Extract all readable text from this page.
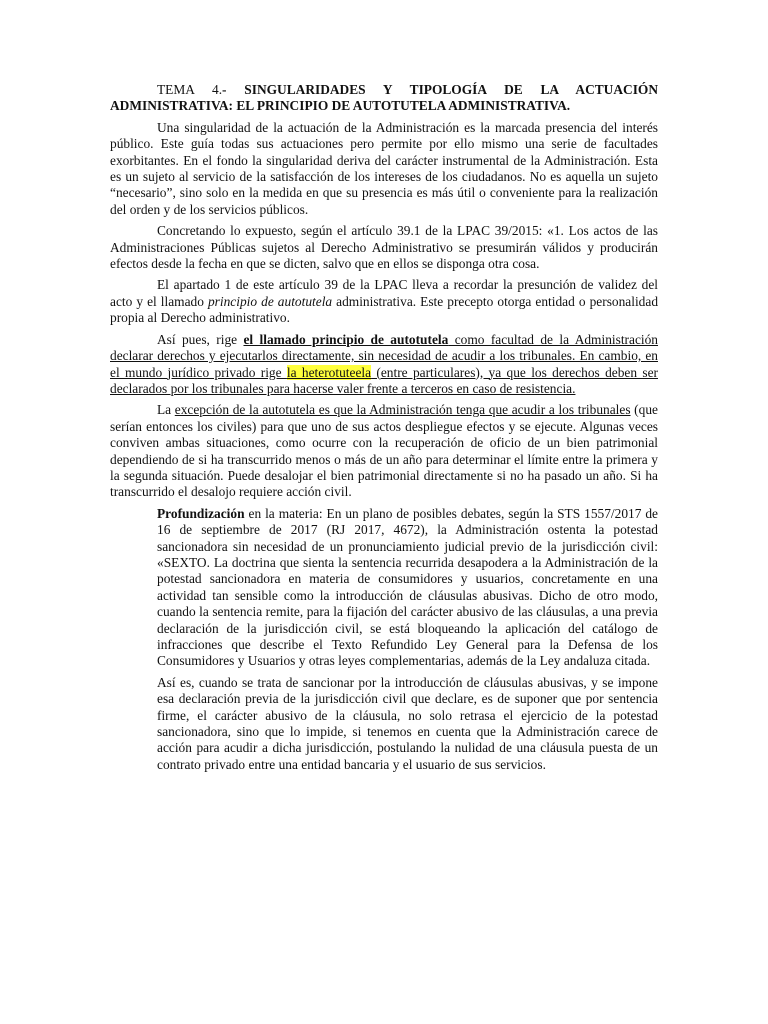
TEMA 4.- SINGULARIDADES Y TIPOLOGÍA DE LA ACTUACIÓN ADMINISTRATIVA: EL PRINCIPIO DE AUTOTUTELA ADMINISTRATIVA.

Una singularidad de la actuación de la Administración es la marcada presencia del interés público. Este guía todas sus actuaciones pero permite por ello mismo una serie de facultades exorbitantes. En el fondo la singularidad deriva del carácter instrumental de la Administración. Esta es un sujeto al servicio de la satisfacción de los intereses de los ciudadanos. No es aquella un sujeto “necesario”, sino solo en la medida en que su presencia es más útil o conveniente para la realización del orden y de los servicios públicos.

Concretando lo expuesto, según el artículo 39.1 de la LPAC 39/2015: «1. Los actos de las Administraciones Públicas sujetos al Derecho Administrativo se presumirán válidos y producirán efectos desde la fecha en que se dicten, salvo que en ellos se disponga otra cosa.

El apartado 1 de este artículo 39 de la LPAC lleva a recordar la presunción de validez del acto y el llamado principio de autotutela administrativa. Este precepto otorga entidad o personalidad propia al Derecho administrativo.

Así pues, rige el llamado principio de autotutela como facultad de la Administración declarar derechos y ejecutarlos directamente, sin necesidad de acudir a los tribunales. En cambio, en el mundo jurídico privado rige la heterotuteela (entre particulares), ya que los derechos deben ser declarados por los tribunales para hacerse valer frente a terceros en caso de resistencia.

La excepción de la autotutela es que la Administración tenga que acudir a los tribunales (que serían entonces los civiles) para que uno de sus actos despliegue efectos y se ejecute. Algunas veces conviven ambas situaciones, como ocurre con la recuperación de oficio de un bien patrimonial dependiendo de si ha transcurrido menos o más de un año para determinar el límite entre la primera y la segunda situación. Puede desalojar el bien patrimonial directamente si no ha pasado un año. Si ha transcurrido el desalojo requiere acción civil.

Profundización en la materia: En un plano de posibles debates, según la STS 1557/2017 de 16 de septiembre de 2017 (RJ 2017, 4672), la Administración ostenta la potestad sancionadora sin necesidad de un pronunciamiento judicial previo de la jurisdicción civil: «SEXTO. La doctrina que sienta la sentencia recurrida desapodera a la Administración de la potestad sancionadora en materia de consumidores y usuarios, concretamente en una actividad tan sensible como la introducción de cláusulas abusivas. Dicho de otro modo, cuando la sentencia remite, para la fijación del carácter abusivo de las cláusulas, a una previa declaración de la jurisdicción civil, se está bloqueando la aplicación del catálogo de infracciones que describe el Texto Refundido Ley General para la Defensa de los Consumidores y Usuarios y otras leyes complementarias, además de la Ley andaluza citada.

Así es, cuando se trata de sancionar por la introducción de cláusulas abusivas, y se impone esa declaración previa de la jurisdicción civil que declare, es de suponer que por sentencia firme, el carácter abusivo de la cláusula, no solo retrasa el ejercicio de la potestad sancionadora, sino que lo impide, si tenemos en cuenta que la Administración carece de acción para acudir a dicha jurisdicción, postulando la nulidad de una cláusula puesta de un contrato privado entre una entidad bancaria y el usuario de sus servicios.
